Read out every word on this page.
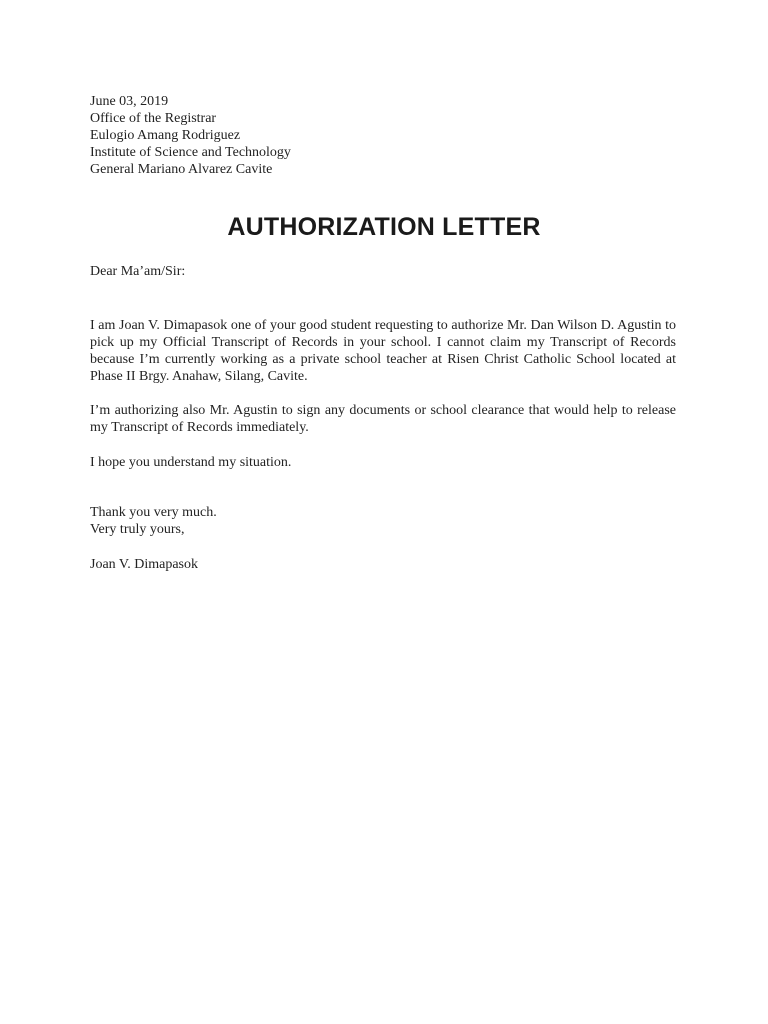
June 03, 2019
Office of the Registrar
Eulogio Amang Rodriguez
Institute of Science and Technology
General Mariano Alvarez Cavite
AUTHORIZATION LETTER
Dear Ma’am/Sir:
I am Joan V. Dimapasok one of your good student requesting to authorize Mr. Dan Wilson D. Agustin to pick up my Official Transcript of Records in your school. I cannot claim my Transcript of Records because I’m currently working as a private school teacher at Risen Christ Catholic School located at Phase II Brgy. Anahaw, Silang, Cavite.
I’m authorizing also Mr. Agustin to sign any documents or school clearance that would help to release my Transcript of Records immediately.
I hope you understand my situation.
Thank you very much.
Very truly yours,
Joan V. Dimapasok
